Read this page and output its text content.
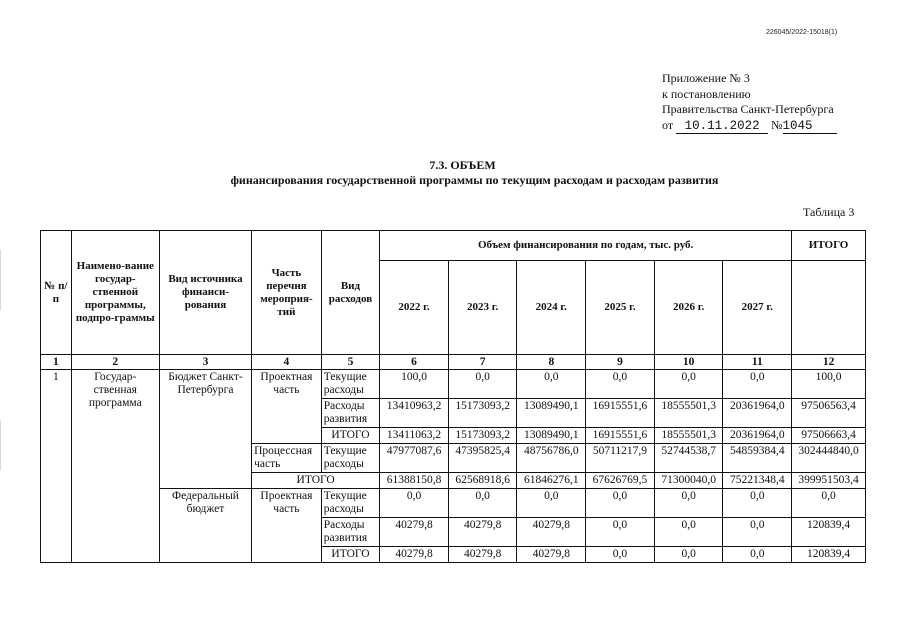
226045/2022-15018(1)
Приложение № 3
к постановлению
Правительства Санкт-Петербурга
от 10.11.2022 №1045
7.3. ОБЪЕМ
финансирования государственной программы по текущим расходам и расходам развития
Таблица 3
№ п/п	Наимено-вание государ-ственной программы, подпро-граммы	Вид источника финанси-рования	Часть перечня мероприя-тий	Вид расходов	Объем финансирования по годам, тыс. руб.						ИТОГО
					2022 г.	2023 г.	2024 г.	2025 г.	2026 г.	2027 г.	
1	2	3	4	5	6	7	8	9	10	11	12
1	Государ-ственная программа	Бюджет Санкт-Петербурга	Проектная часть	Текущие расходы	100,0	0,0	0,0	0,0	0,0	0,0	100,0
				Расходы развития	13410963,2	15173093,2	13089490,1	16915551,6	18555501,3	20361964,0	97506563,4
				ИТОГО	13411063,2	15173093,2	13089490,1	16915551,6	18555501,3	20361964,0	97506663,4
			Процессная часть	Текущие расходы	47977087,6	47395825,4	48756786,0	50711217,9	52744538,7	54859384,4	302444840,0
			ИТОГО		61388150,8	62568918,6	61846276,1	67626769,5	71300040,0	75221348,4	399951503,4
		Федеральный бюджет	Проектная часть	Текущие расходы	0,0	0,0	0,0	0,0	0,0	0,0	0,0
				Расходы развития	40279,8	40279,8	40279,8	0,0	0,0	0,0	120839,4
				ИТОГО	40279,8	40279,8	40279,8	0,0	0,0	0,0	120839,4
